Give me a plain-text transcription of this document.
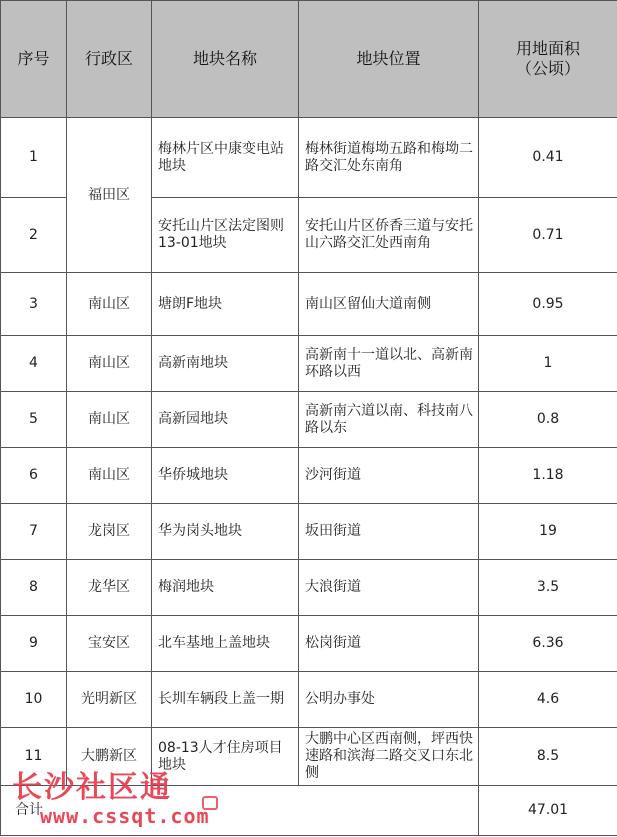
序号	行政区	地块名称	地块位置	用地面积
（公顷）

1	福田区	梅林片区中康变电站地块	梅林街道梅坳五路和梅坳二路交汇处东南角	0.41
2		安托山片区法定图则13-01地块	安托山片区侨香三道与安托山六路交汇处西南角	0.71
3	南山区	塘朗F地块	南山区留仙大道南侧	0.95
4	南山区	高新南地块	高新南十一道以北、高新南环路以西	1
5	南山区	高新园地块	高新南六道以南、科技南八路以东	0.8
6	南山区	华侨城地块	沙河街道	1.18
7	龙岗区	华为岗头地块	坂田街道	19
8	龙华区	梅润地块	大浪街道	3.5
9	宝安区	北车基地上盖地块	松岗街道	6.36
10	光明新区	长圳车辆段上盖一期	公明办事处	4.6
11	大鹏新区	08-13人才住房项目地块	大鹏中心区西南侧，坪西快速路和滨海二路交叉口东北侧	8.5
合计				47.01
长沙社区通
www.cssqt.com
